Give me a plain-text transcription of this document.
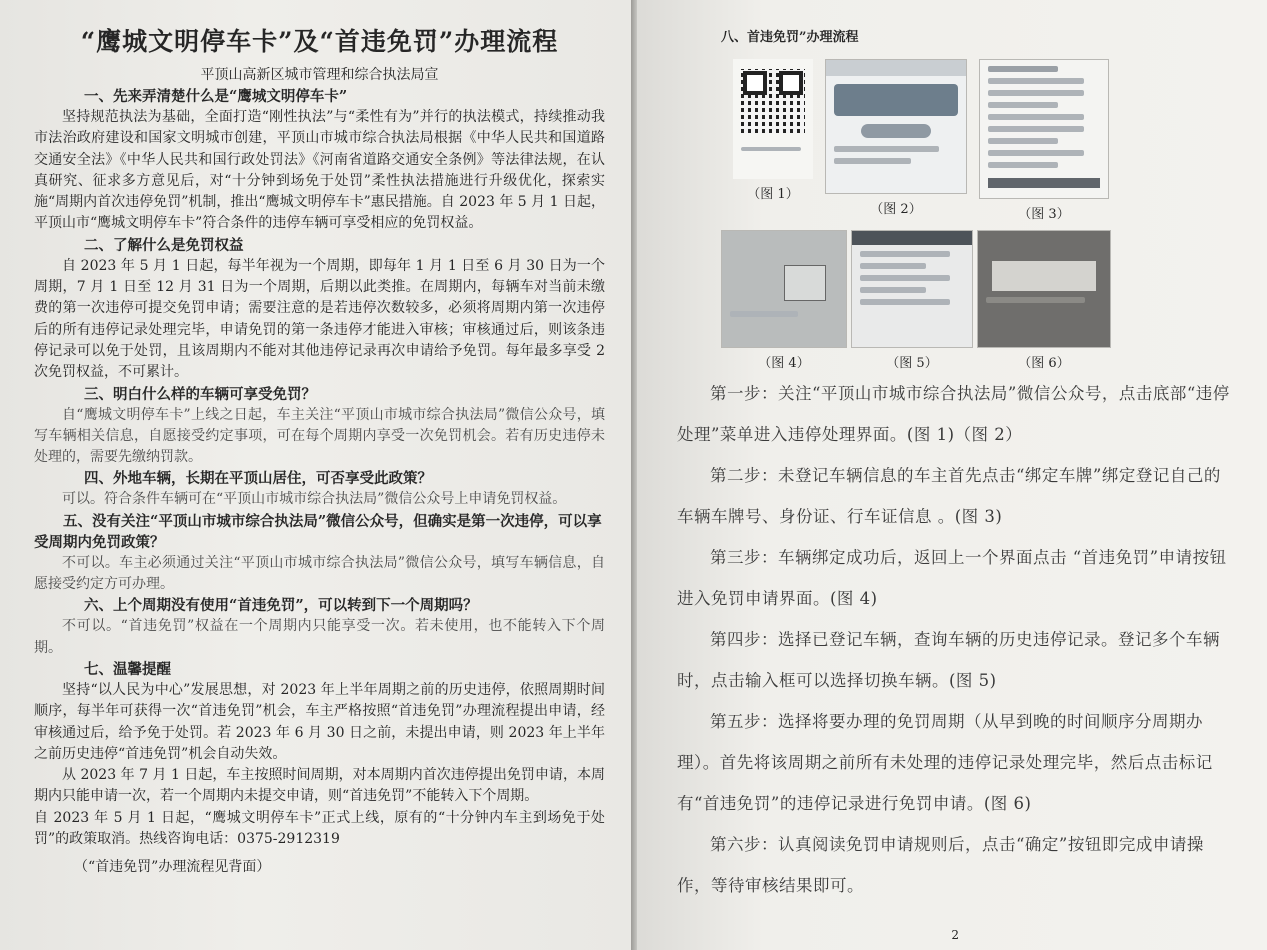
“鹰城文明停车卡”及“首违免罚”办理流程
平顶山高新区城市管理和综合执法局宣
一、先来弄清楚什么是“鹰城文明停车卡”
坚持规范执法为基础，全面打造“刚性执法”与“柔性有为”并行的执法模式，持续推动我市法治政府建设和国家文明城市创建，平顶山市城市综合执法局根据《中华人民共和国道路交通安全法》《中华人民共和国行政处罚法》《河南省道路交通安全条例》等法律法规，在认真研究、征求多方意见后，对“十分钟到场免于处罚”柔性执法措施进行升级优化，探索实施“周期内首次违停免罚”机制，推出“鹰城文明停车卡”惠民措施。自 2023 年 5 月 1 日起，平顶山市“鹰城文明停车卡”符合条件的违停车辆可享受相应的免罚权益。
二、了解什么是免罚权益
自 2023 年 5 月 1 日起，每半年视为一个周期，即每年 1 月 1 日至 6 月 30 日为一个周期，7 月 1 日至 12 月 31 日为一个周期，后期以此类推。在周期内，每辆车对当前未缴费的第一次违停可提交免罚申请；需要注意的是若违停次数较多，必须将周期内第一次违停后的所有违停记录处理完毕，申请免罚的第一条违停才能进入审核；审核通过后，则该条违停记录可以免于处罚，且该周期内不能对其他违停记录再次申请给予免罚。每年最多享受 2 次免罚权益，不可累计。
三、明白什么样的车辆可享受免罚？
自“鹰城文明停车卡”上线之日起，车主关注“平顶山市城市综合执法局”微信公众号，填写车辆相关信息，自愿接受约定事项，可在每个周期内享受一次免罚机会。若有历史违停未处理的，需要先缴纳罚款。
四、外地车辆，长期在平顶山居住，可否享受此政策？
可以。符合条件车辆可在“平顶山市城市综合执法局”微信公众号上申请免罚权益。
五、没有关注“平顶山市城市综合执法局”微信公众号，但确实是第一次违停，可以享受周期内免罚政策？
不可以。车主必须通过关注“平顶山市城市综合执法局”微信公众号，填写车辆信息，自愿接受约定方可办理。
六、上个周期没有使用“首违免罚”，可以转到下一个周期吗？
不可以。“首违免罚”权益在一个周期内只能享受一次。若未使用，也不能转入下个周期。
七、温馨提醒
坚持“以人民为中心”发展思想，对 2023 年上半年周期之前的历史违停，依照周期时间顺序，每半年可获得一次“首违免罚”机会，车主严格按照“首违免罚”办理流程提出申请，经审核通过后，给予免于处罚。若 2023 年 6 月 30 日之前，未提出申请，则 2023 年上半年之前历史违停“首违免罚”机会自动失效。
从 2023 年 7 月 1 日起，车主按照时间周期，对本周期内首次违停提出免罚申请，本周期内只能申请一次，若一个周期内未提交申请，则“首违免罚”不能转入下个周期。
自 2023 年 5 月 1 日起，“鹰城文明停车卡”正式上线，原有的“十分钟内车主到场免于处罚”的政策取消。热线咨询电话：0375-2912319
（“首违免罚”办理流程见背面）
八、首违免罚”办理流程
（图 1）
（图 2）	（图 3）
（图 4）	（图 5）	（图 6）

第一步：关注“平顶山市城市综合执法局”微信公众号，点击底部“违停处理”菜单进入违停处理界面。(图 1)（图 2）

第二步：未登记车辆信息的车主首先点击“绑定车牌”绑定登记自己的车辆车牌号、身份证、行车证信息 。(图 3)

第三步：车辆绑定成功后，返回上一个界面点击 “首违免罚”申请按钮进入免罚申请界面。(图 4)

第四步：选择已登记车辆，查询车辆的历史违停记录。登记多个车辆时，点击输入框可以选择切换车辆。(图 5)

第五步：选择将要办理的免罚周期（从早到晚的时间顺序分周期办理）。首先将该周期之前所有未处理的违停记录处理完毕，然后点击标记有“首违免罚”的违停记录进行免罚申请。(图 6)

第六步：认真阅读免罚申请规则后，点击“确定”按钮即完成申请操作，等待审核结果即可。

2
